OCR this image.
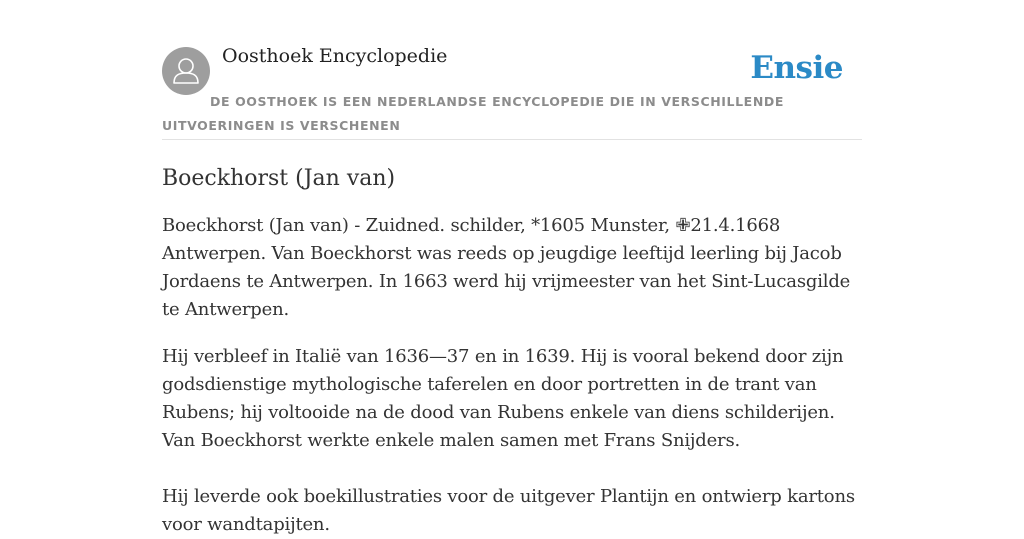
Oosthoek Encyclopedie	Ensie
DE OOSTHOEK IS EEN NEDERLANDSE ENCYCLOPEDIE DIE IN VERSCHILLENDE UITVOERINGEN IS VERSCHENEN
Boeckhorst (Jan van)

Boeckhorst (Jan van) - Zuidned. schilder, *1605 Munster, ✙21.4.1668 Antwerpen. Van Boeckhorst was reeds op jeugdige leeftijd leerling bij Jacob Jordaens te Antwerpen. In 1663 werd hij vrijmeester van het Sint-Lucasgilde te Antwerpen.

Hij verbleef in Italië van 1636—37 en in 1639. Hij is vooral bekend door zijn godsdienstige mythologische taferelen en door portretten in de trant van Rubens; hij voltooide na de dood van Rubens enkele van diens schilderijen. Van Boeckhorst werkte enkele malen samen met Frans Snijders.

Hij leverde ook boekillustraties voor de uitgever Plantijn en ontwierp kartons voor wandtapijten.
